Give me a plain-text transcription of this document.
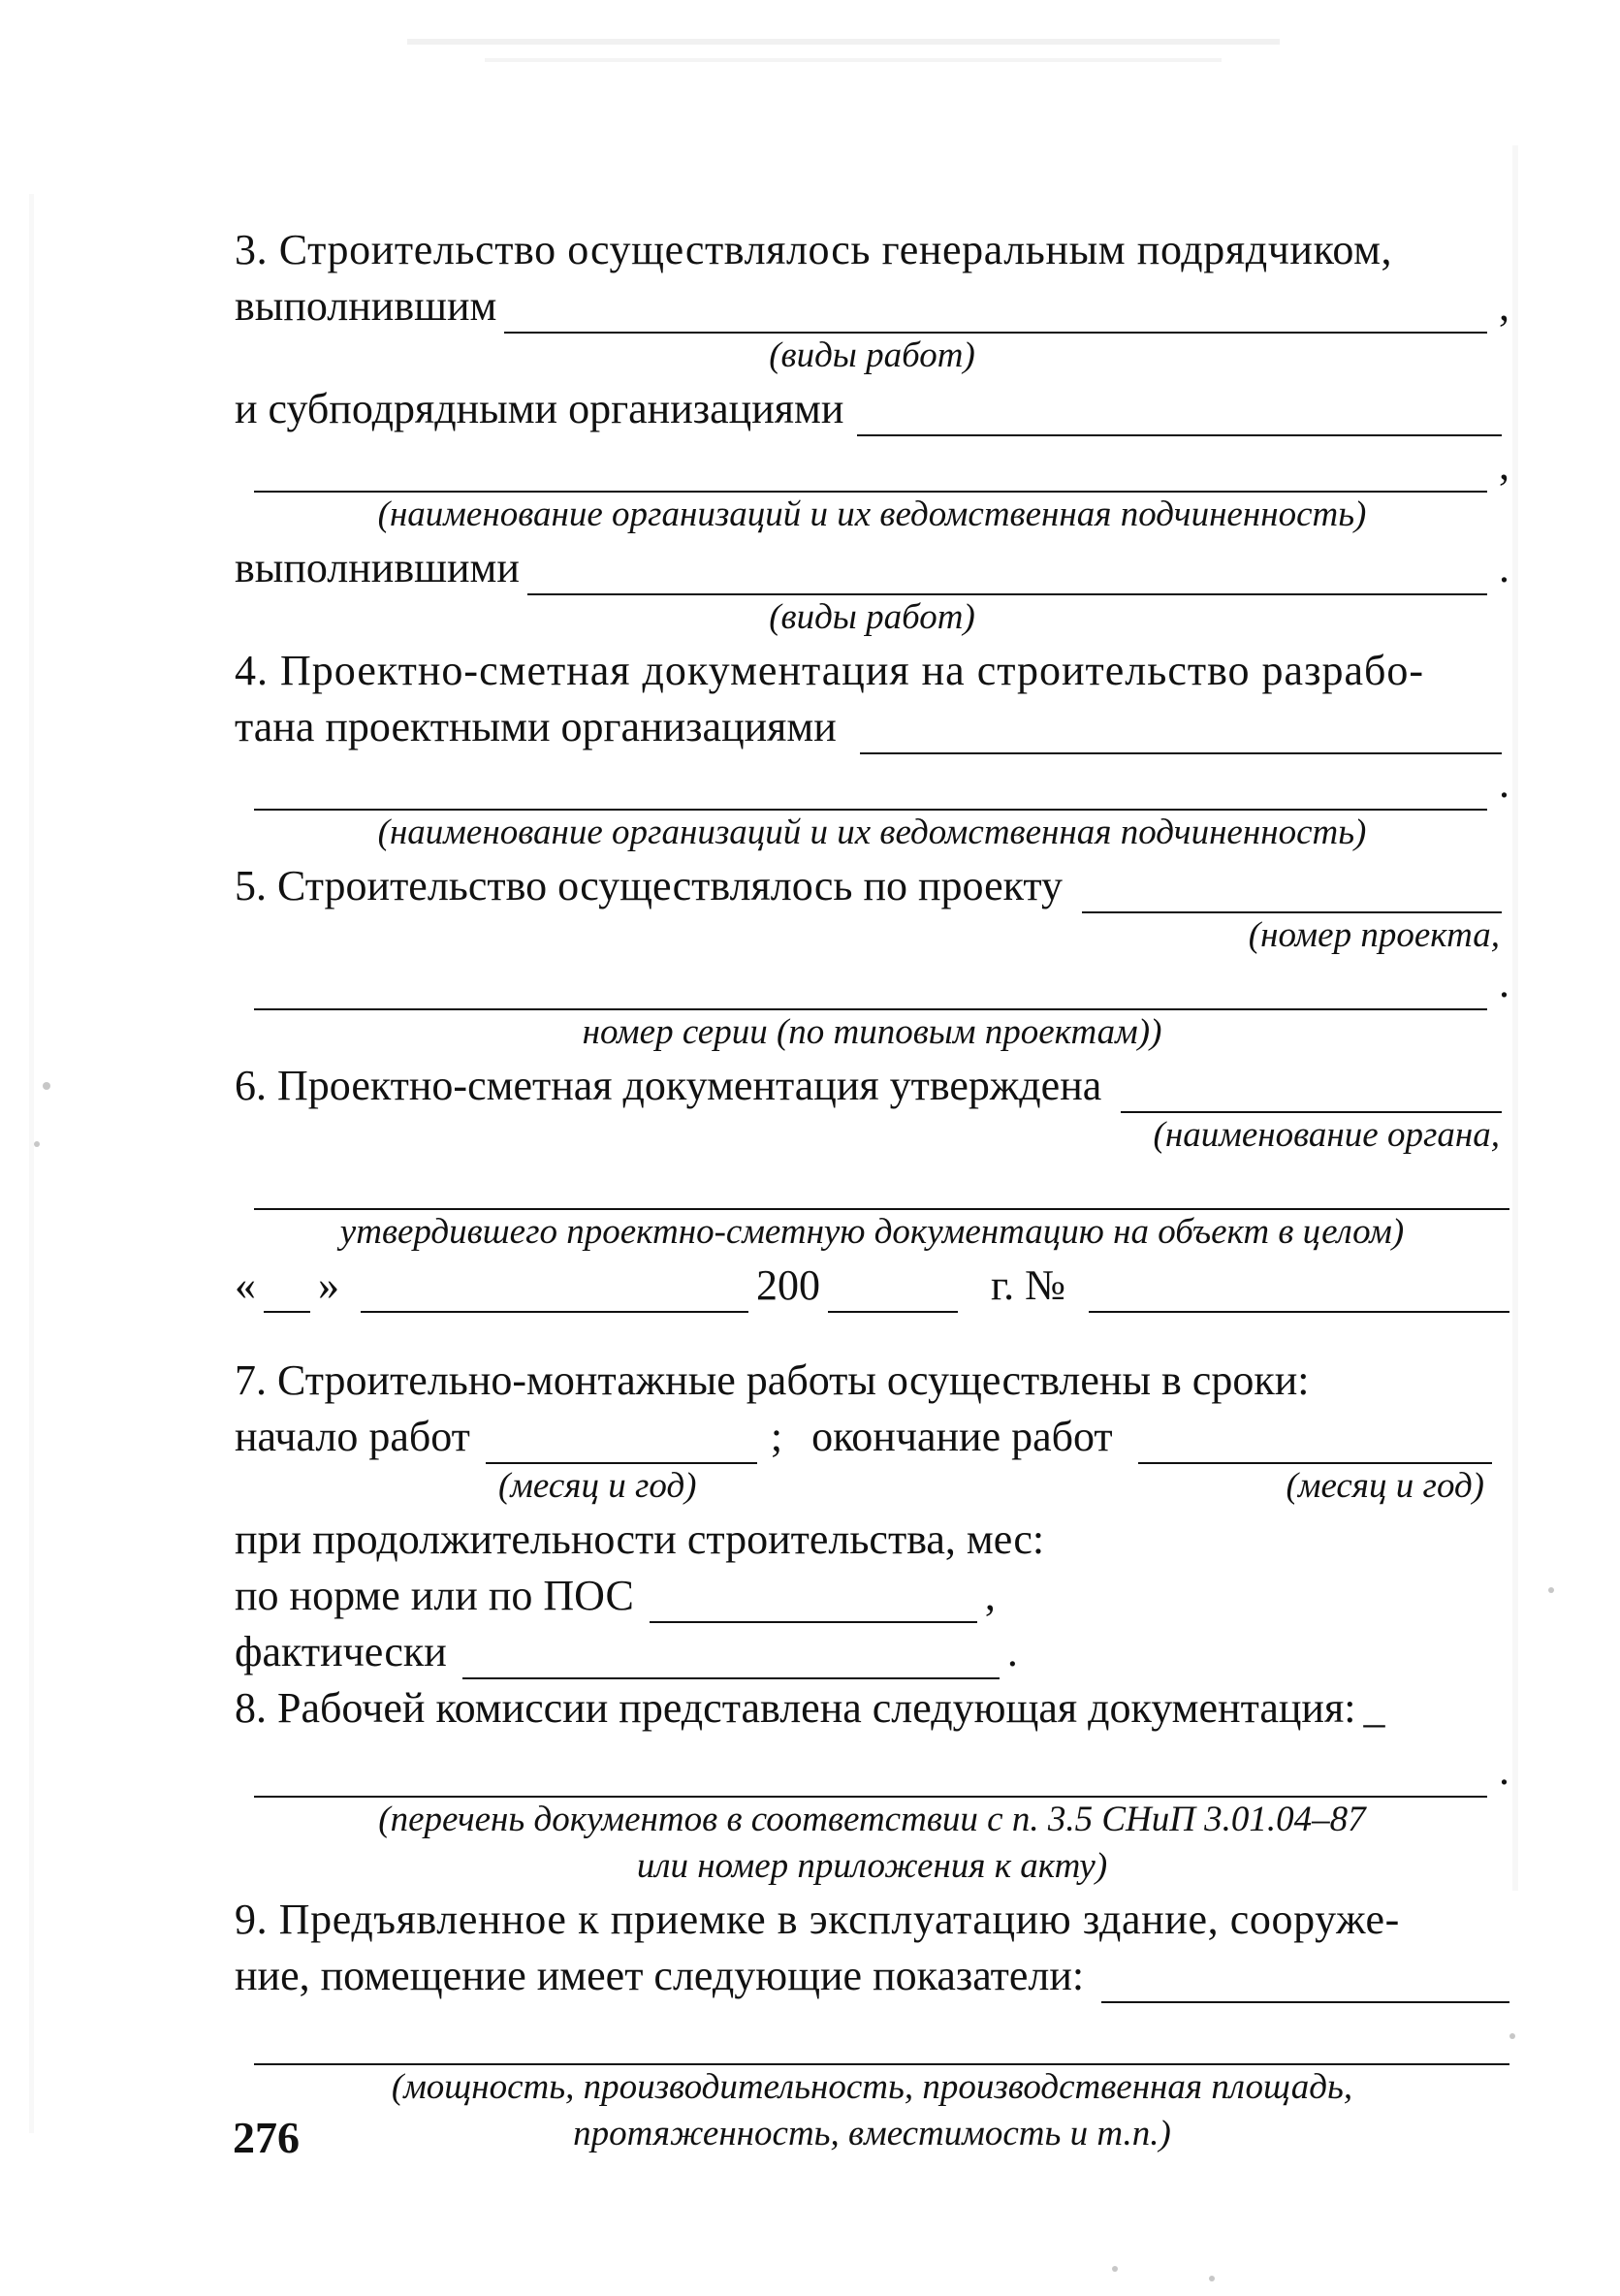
3. Строительство осуществлялось генеральным подрядчиком,
выполнившим	,
(виды работ)
и субподрядными организациями
,
(наименование организаций и их ведомственная подчиненность)
выполнившими	.
(виды работ)
4. Проектно-сметная документация на строительство разрабо-
тана проектными организациями
.
(наименование организаций и их ведомственная подчиненность)
5. Строительство осуществлялось по проекту
(номер проекта,
.
номер серии (по типовым проектам))
6. Проектно-сметная документация утверждена
(наименование органа,
утвердившего проектно-сметную документацию на объект в целом)
« »	200	г. №
7. Строительно-монтажные работы осуществлены в сроки:
начало работ	; окончание работ
(месяц и год)	(месяц и год)
при продолжительности строительства, мес:
по норме или по ПОС	,
фактически	.
8. Рабочей комиссии представлена следующая документация: _
.
(перечень документов в соответствии с п. 3.5 СНиП 3.01.04–87
или номер приложения к акту)
9. Предъявленное к приемке в эксплуатацию здание, сооруже-
ние, помещение имеет следующие показатели:
(мощность, производительность, производственная площадь,
протяженность, вместимость и т.п.)
276
